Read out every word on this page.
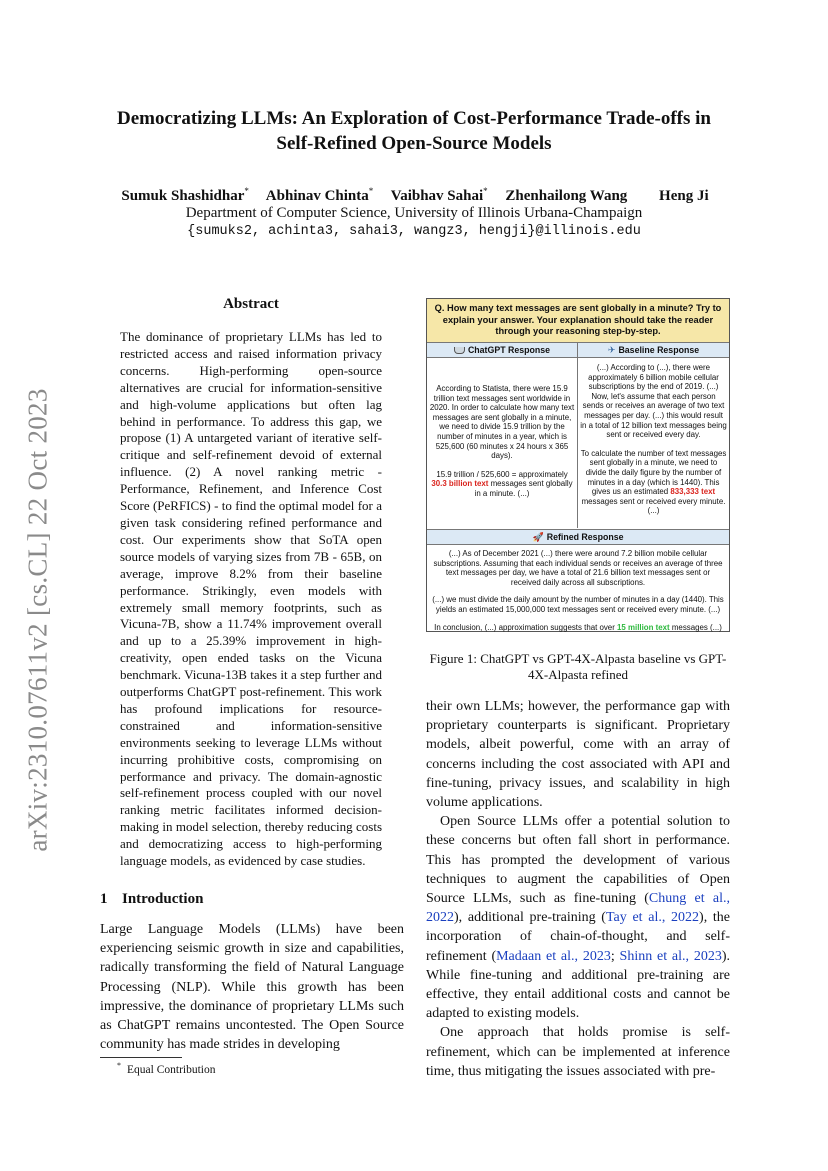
Democratizing LLMs: An Exploration of Cost-Performance Trade-offs in
Self-Refined Open-Source Models
Sumuk Shashidhar* Abhinav Chinta* Vaibhav Sahai* Zhenhailong Wang Heng Ji
Department of Computer Science, University of Illinois Urbana-Champaign
{sumuks2, achinta3, sahai3, wangz3, hengji}@illinois.edu
arXiv:2310.07611v2 [cs.CL] 22 Oct 2023
Abstract
The dominance of proprietary LLMs has led to restricted access and raised information privacy concerns. High-performing open-source alternatives are crucial for information-sensitive and high-volume applications but often lag behind in performance. To address this gap, we propose (1) A untargeted variant of iterative self-critique and self-refinement devoid of external influence. (2) A novel ranking metric - Performance, Refinement, and Inference Cost Score (PeRFICS) - to find the optimal model for a given task considering refined performance and cost. Our experiments show that SoTA open source models of varying sizes from 7B - 65B, on average, improve 8.2% from their baseline performance. Strikingly, even models with extremely small memory footprints, such as Vicuna-7B, show a 11.74% improvement overall and up to a 25.39% improvement in high-creativity, open ended tasks on the Vicuna benchmark. Vicuna-13B takes it a step further and outperforms ChatGPT post-refinement. This work has profound implications for resource-constrained and information-sensitive environments seeking to leverage LLMs without incurring prohibitive costs, compromising on performance and privacy. The domain-agnostic self-refinement process coupled with our novel ranking metric facilitates informed decision-making in model selection, thereby reducing costs and democratizing access to high-performing language models, as evidenced by case studies.
1 Introduction
Large Language Models (LLMs) have been experiencing seismic growth in size and capabilities, radically transforming the field of Natural Language Processing (NLP). While this growth has been impressive, the dominance of proprietary LLMs such as ChatGPT remains uncontested. The Open Source community has made strides in developing
* Equal Contribution
Q. How many text messages are sent globally in a minute? Try to explain your answer. Your explanation should take the reader through your reasoning step-by-step.
ChatGPT Response	✈ Baseline Response

According to Statista, there were 15.9 trillion text messages sent worldwide in 2020. In order to calculate how many text messages are sent globally in a minute, we need to divide 15.9 trillion by the number of minutes in a year, which is 525,600 (60 minutes x 24 hours x 365 days).

15.9 trillion / 525,600 = approximately 30.3 billion text messages sent globally in a minute. (...)

(...) According to (...), there were approximately 6 billion mobile cellular subscriptions by the end of 2019. (...) Now, let's assume that each person sends or receives an average of two text messages per day. (...) this would result in a total of 12 billion text messages being sent or received every day.

To calculate the number of text messages sent globally in a minute, we need to divide the daily figure by the number of minutes in a day (which is 1440). This gives us an estimated 833,333 text messages sent or received every minute. (...)

🚀 Refined Response

(...) As of December 2021 (...) there were around 7.2 billion mobile cellular subscriptions. Assuming that each individual sends or receives an average of three text messages per day, we have a total of 21.6 billion text messages sent or received daily across all subscriptions.

(...) we must divide the daily amount by the number of minutes in a day (1440). This yields an estimated 15,000,000 text messages sent or received every minute. (...)

In conclusion, (...) approximation suggests that over 15 million text messages (...)

Figure 1: ChatGPT vs GPT-4X-Alpasta baseline vs GPT-4X-Alpasta refined

their own LLMs; however, the performance gap with proprietary counterparts is significant. Proprietary models, albeit powerful, come with an array of concerns including the cost associated with API and fine-tuning, privacy issues, and scalability in high volume applications.

Open Source LLMs offer a potential solution to these concerns but often fall short in performance. This has prompted the development of various techniques to augment the capabilities of Open Source LLMs, such as fine-tuning (Chung et al., 2022), additional pre-training (Tay et al., 2022), the incorporation of chain-of-thought, and self-refinement (Madaan et al., 2023; Shinn et al., 2023). While fine-tuning and additional pre-training are effective, they entail additional costs and cannot be adapted to existing models.

One approach that holds promise is self-refinement, which can be implemented at inference time, thus mitigating the issues associated with pre-
